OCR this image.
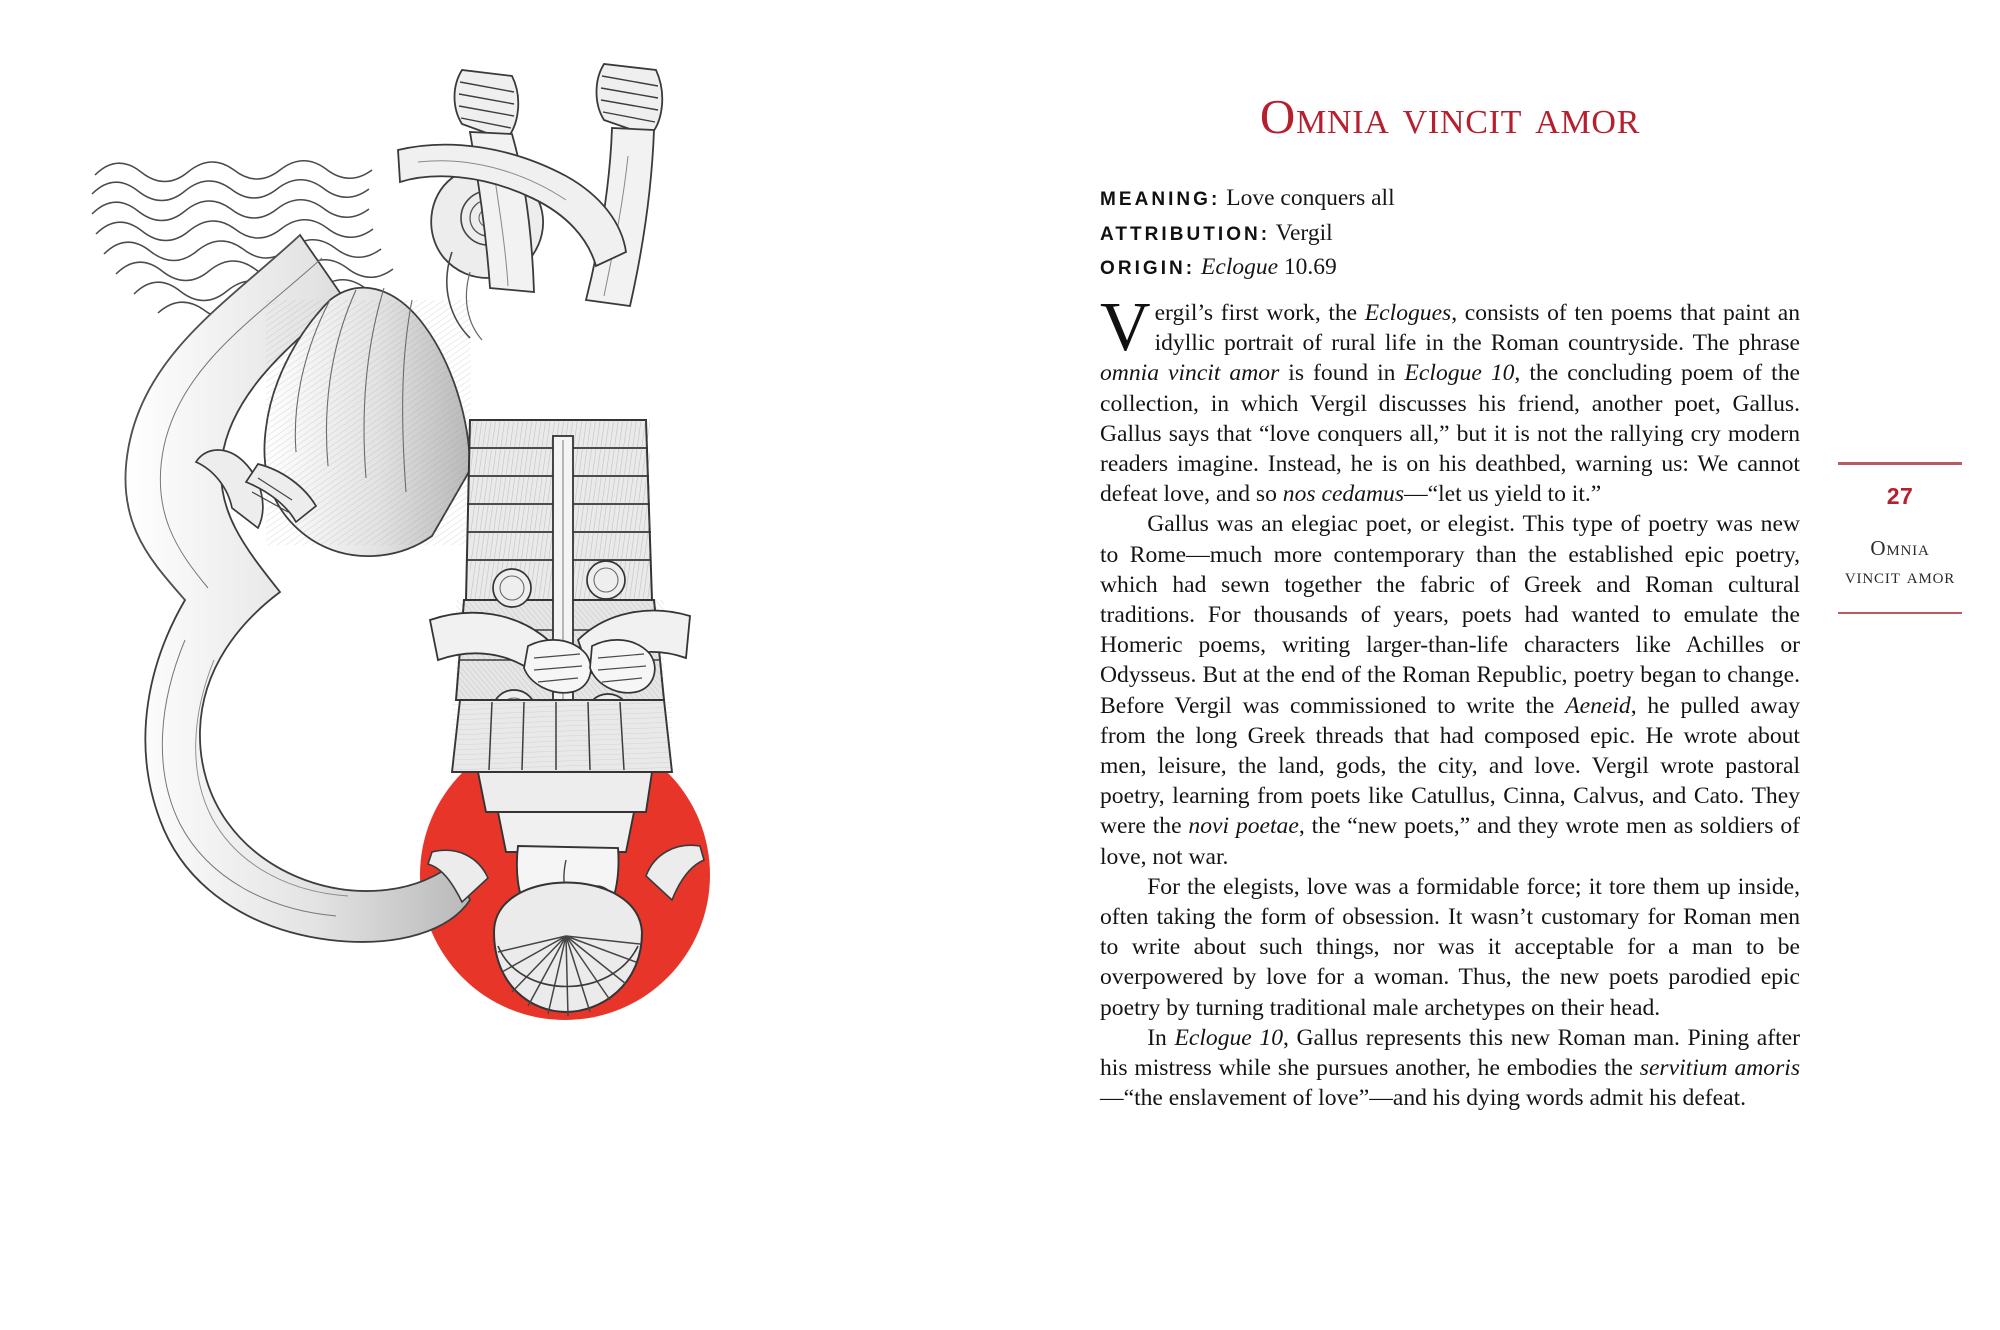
Omnia vincit amor
MEANING: Love conquers all
ATTRIBUTION: Vergil
ORIGIN: Eclogue 10.69

Vergil’s first work, the Eclogues, consists of ten poems that paint an idyllic portrait of rural life in the Roman countryside. The phrase omnia vincit amor is found in Eclogue 10, the concluding poem of the collection, in which Vergil discusses his friend, another poet, Gallus. Gallus says that “love conquers all,” but it is not the rallying cry modern readers imagine. Instead, he is on his deathbed, warning us: We cannot defeat love, and so nos cedamus—“let us yield to it.”

Gallus was an elegiac poet, or elegist. This type of poetry was new to Rome—much more contemporary than the established epic poetry, which had sewn together the fabric of Greek and Roman cultural traditions. For thousands of years, poets had wanted to emulate the Homeric poems, writing larger-than-life characters like Achilles or Odysseus. But at the end of the Roman Republic, poetry began to change. Before Vergil was commissioned to write the Aeneid, he pulled away from the long Greek threads that had composed epic. He wrote about men, leisure, the land, gods, the city, and love. Vergil wrote pastoral poetry, learning from poets like Catullus, Cinna, Calvus, and Cato. They were the novi poetae, the “new poets,” and they wrote men as soldiers of love, not war.

For the elegists, love was a formidable force; it tore them up inside, often taking the form of obsession. It wasn’t customary for Roman men to write about such things, nor was it acceptable for a man to be overpowered by love for a woman. Thus, the new poets parodied epic poetry by turning traditional male archetypes on their head.

In Eclogue 10, Gallus represents this new Roman man. Pining after his mistress while she pursues another, he embodies the servitium amoris—“the enslavement of love”—and his dying words admit his defeat.

27
Omnia vincit amor
